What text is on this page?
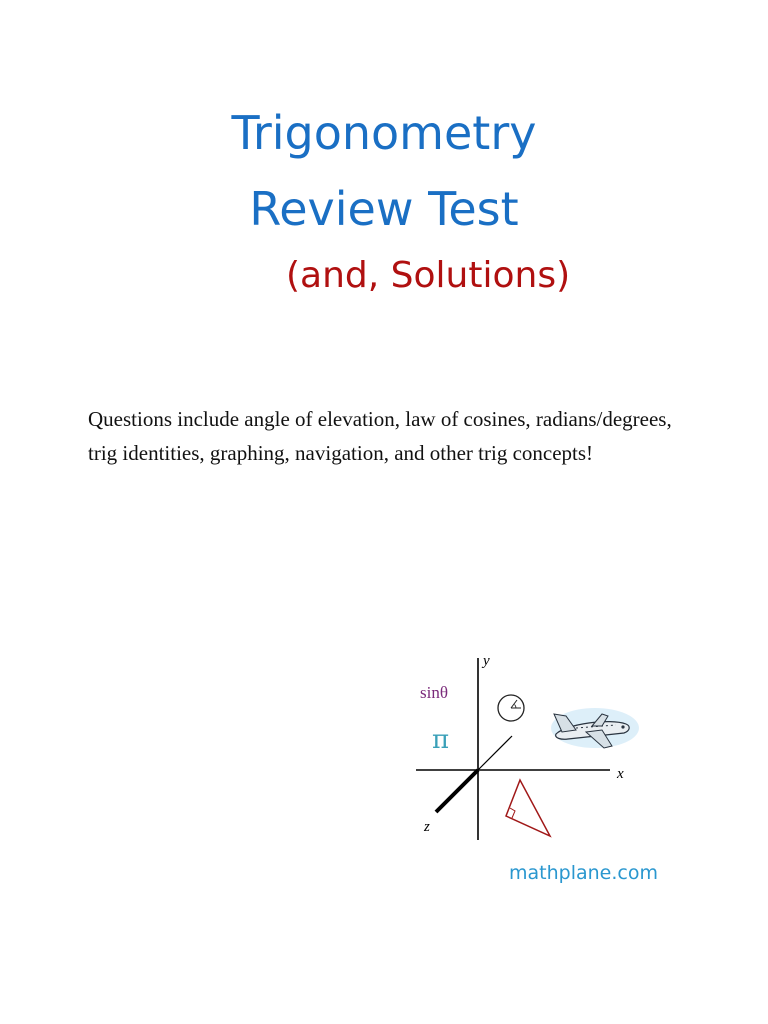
Trigonometry
Review Test
(and, Solutions)
Questions include angle of elevation, law of cosines, radians/degrees, trig identities, graphing, navigation, and other trig concepts!
y
x
z
sinθ
π
mathplane.com
